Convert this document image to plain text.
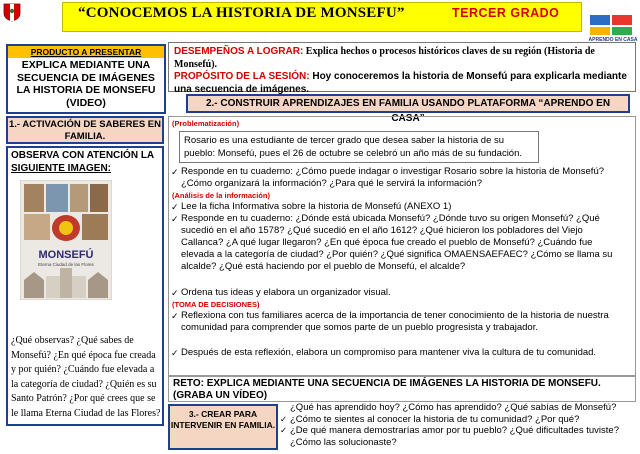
“CONOCEMOS LA HISTORIA DE MONSEFU”	TERCER GRADO
APRENDO EN CASA
PRODUCTO A PRESENTAR
EXPLICA MEDIANTE UNA SECUENCIA DE IMÁGENES LA HISTORIA DE MONSEFU (VIDEO)
DESEMPEÑOS A LOGRAR: Explica hechos o procesos históricos claves de su región (Historia de Monsefú).
PROPÓSITO DE LA SESIÓN: Hoy conoceremos la historia de Monsefú para explicarla mediante una secuencia de imágenes.
2.- CONSTRUIR APRENDIZAJES EN FAMILIA USANDO PLATAFORMA “APRENDO EN CASA”
1.- ACTIVACIÓN DE SABERES EN FAMILIA.
OBSERVA CON ATENCIÓN LA
SIGUIENTE IMAGEN:
MONSEFÚ
Eterna Ciudad de las Flores
¿Qué observas? ¿Qué sabes de Monsefú? ¿En qué época fue creada y por quién? ¿Cuándo fue elevada a la categoría de ciudad? ¿Quién es su Santo Patrón? ¿Por qué crees que se le llama Eterna Ciudad de las Flores?
(Problematización)
Rosario es una estudiante de tercer grado que desea saber la historia de su pueblo: Monsefú, pues el 26 de octubre se celebró un año más de su fundación.
✓ Responde en tu cuaderno: ¿Cómo puede indagar o investigar Rosario sobre la historia de Monsefú? ¿Cómo organizará la información? ¿Para qué le servirá la información?
(Análisis de la información)
✓ Lee la ficha Informativa sobre la historia de Monsefú (ANEXO 1)
✓ Responde en tu cuaderno: ¿Dónde está ubicada Monsefú? ¿Dónde tuvo su origen Monsefú? ¿Qué sucedió en el año 1578? ¿Qué sucedió en el año 1612? ¿Qué hicieron los pobladores del Viejo Callanca? ¿A qué lugar llegaron? ¿En qué época fue creado el pueblo de Monsefú? ¿Cuándo fue elevada a la categoría de ciudad? ¿Por quién? ¿Qué significa OMAENSAEFAEC? ¿Cómo se llama su alcalde? ¿Qué está haciendo por el pueblo de Monsefú, el alcalde?
✓ Ordena tus ideas y elabora un organizador visual.
(TOMA DE DECISIONES)
✓ Reflexiona con tus familiares acerca de la importancia de tener conocimiento de la historia de nuestra comunidad para comprender que somos parte de un pueblo progresista y trabajador.
✓ Después de esta reflexión, elabora un compromiso para mantener viva la cultura de tu comunidad.
RETO: EXPLICA MEDIANTE UNA SECUENCIA DE IMÁGENES LA HISTORIA DE MONSEFU. (GRABA UN VÍDEO)
3.- CREAR PARA INTERVENIR EN FAMILIA.
¿Qué has aprendido hoy? ¿Cómo has aprendido? ¿Qué sabías de Monsefú?
✓ ¿Cómo te sientes al conocer la historia de tu comunidad? ¿Por qué?
✓ ¿De qué manera demostrarías amor por tu pueblo? ¿Qué dificultades tuviste? ¿Cómo las solucionaste?
